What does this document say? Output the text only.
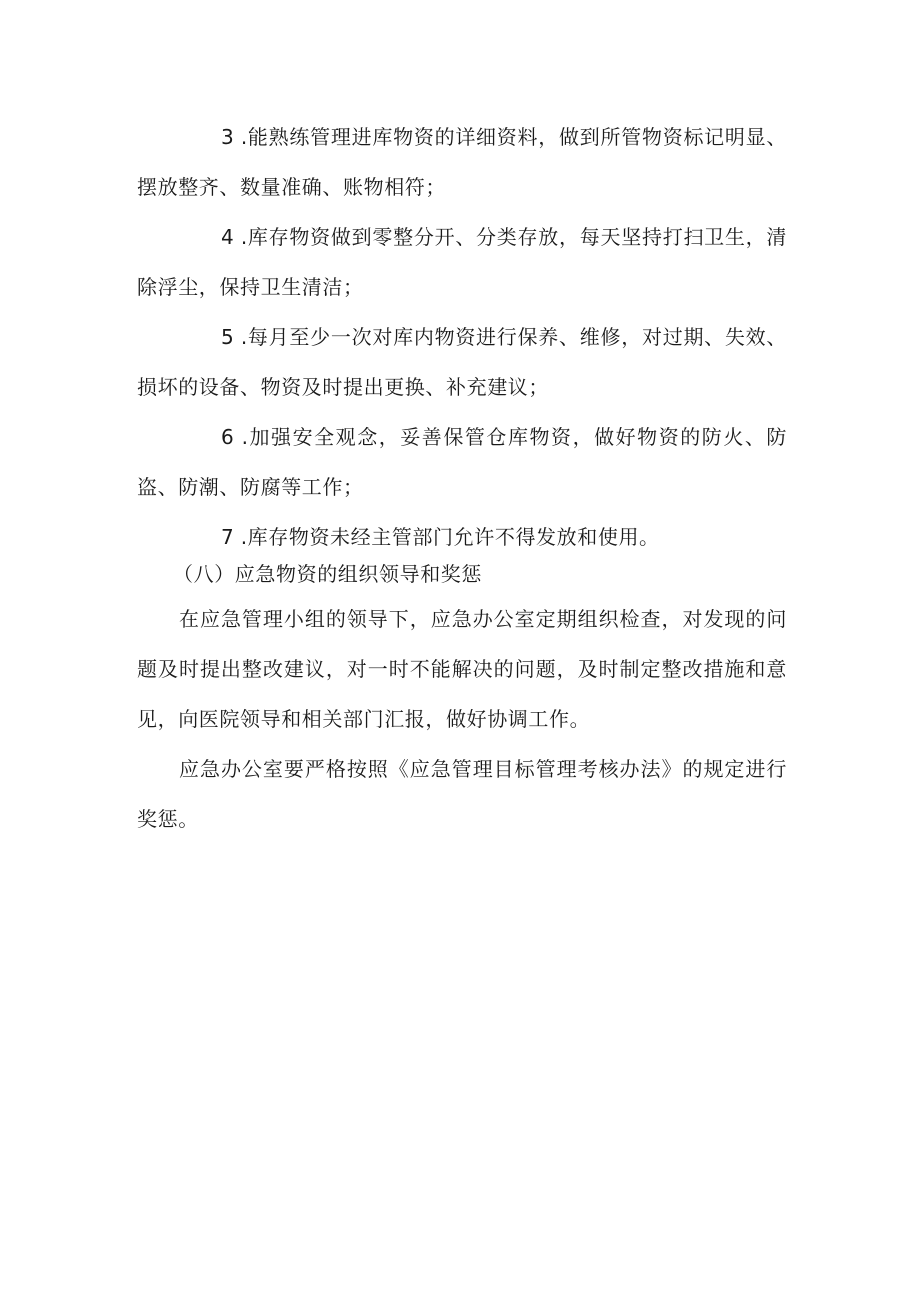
3 .能熟练管理进库物资的详细资料，做到所管物资标记明显、摆放整齐、数量准确、账物相符；

4 .库存物资做到零整分开、分类存放，每天坚持打扫卫生，清除浮尘，保持卫生清洁；

5 .每月至少一次对库内物资进行保养、维修，对过期、失效、损坏的设备、物资及时提出更换、补充建议；

6 .加强安全观念，妥善保管仓库物资，做好物资的防火、防盗、防潮、防腐等工作；

7 .库存物资未经主管部门允许不得发放和使用。

（八）应急物资的组织领导和奖惩

在应急管理小组的领导下，应急办公室定期组织检查，对发现的问题及时提出整改建议，对一时不能解决的问题，及时制定整改措施和意见，向医院领导和相关部门汇报，做好协调工作。

应急办公室要严格按照《应急管理目标管理考核办法》的规定进行奖惩。
